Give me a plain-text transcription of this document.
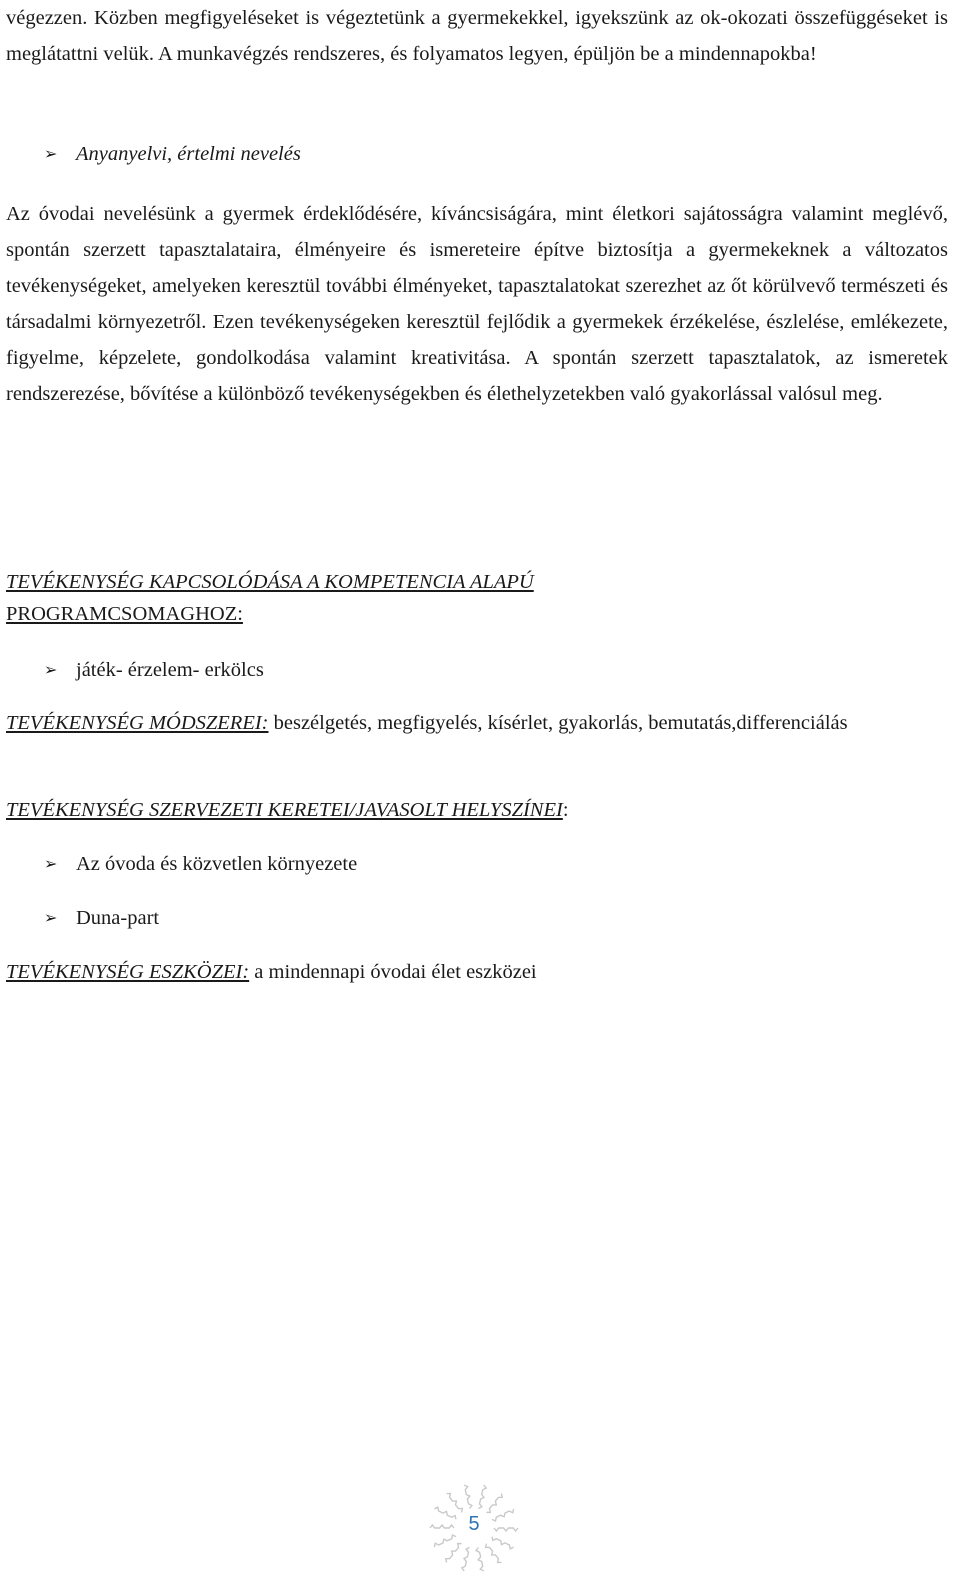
végezzen. Közben megfigyeléseket is végeztetünk a gyermekekkel, igyekszünk az ok-okozati összefüggéseket is meglátattni velük. A munkavégzés rendszeres, és folyamatos legyen, épüljön be a mindennapokba!
➢ Anyanyelvi, értelmi nevelés
Az óvodai nevelésünk a gyermek érdeklődésére, kíváncsiságára, mint életkori sajátosságra valamint meglévő, spontán szerzett tapasztalataira, élményeire és ismereteire építve biztosítja a gyermekeknek a változatos tevékenységeket, amelyeken keresztül további élményeket, tapasztalatokat szerezhet az őt körülvevő természeti és társadalmi környezetről. Ezen tevékenységeken keresztül fejlődik a gyermekek érzékelése, észlelése, emlékezete, figyelme, képzelete, gondolkodása valamint kreativitása. A spontán szerzett tapasztalatok, az ismeretek rendszerezése, bővítése a különböző tevékenységekben és élethelyzetekben való gyakorlással valósul meg.
TEVÉKENYSÉG KAPCSOLÓDÁSA A KOMPETENCIA ALAPÚ
PROGRAMCSOMAGHOZ:
➢ játék- érzelem- erkölcs
TEVÉKENYSÉG MÓDSZEREI: beszélgetés, megfigyelés, kísérlet, gyakorlás, bemutatás,differenciálás
TEVÉKENYSÉG SZERVEZETI KERETEI/JAVASOLT HELYSZÍNEI:
➢ Az óvoda és közvetlen környezete
➢ Duna-part
TEVÉKENYSÉG ESZKÖZEI: a mindennapi óvodai élet eszközei
5
